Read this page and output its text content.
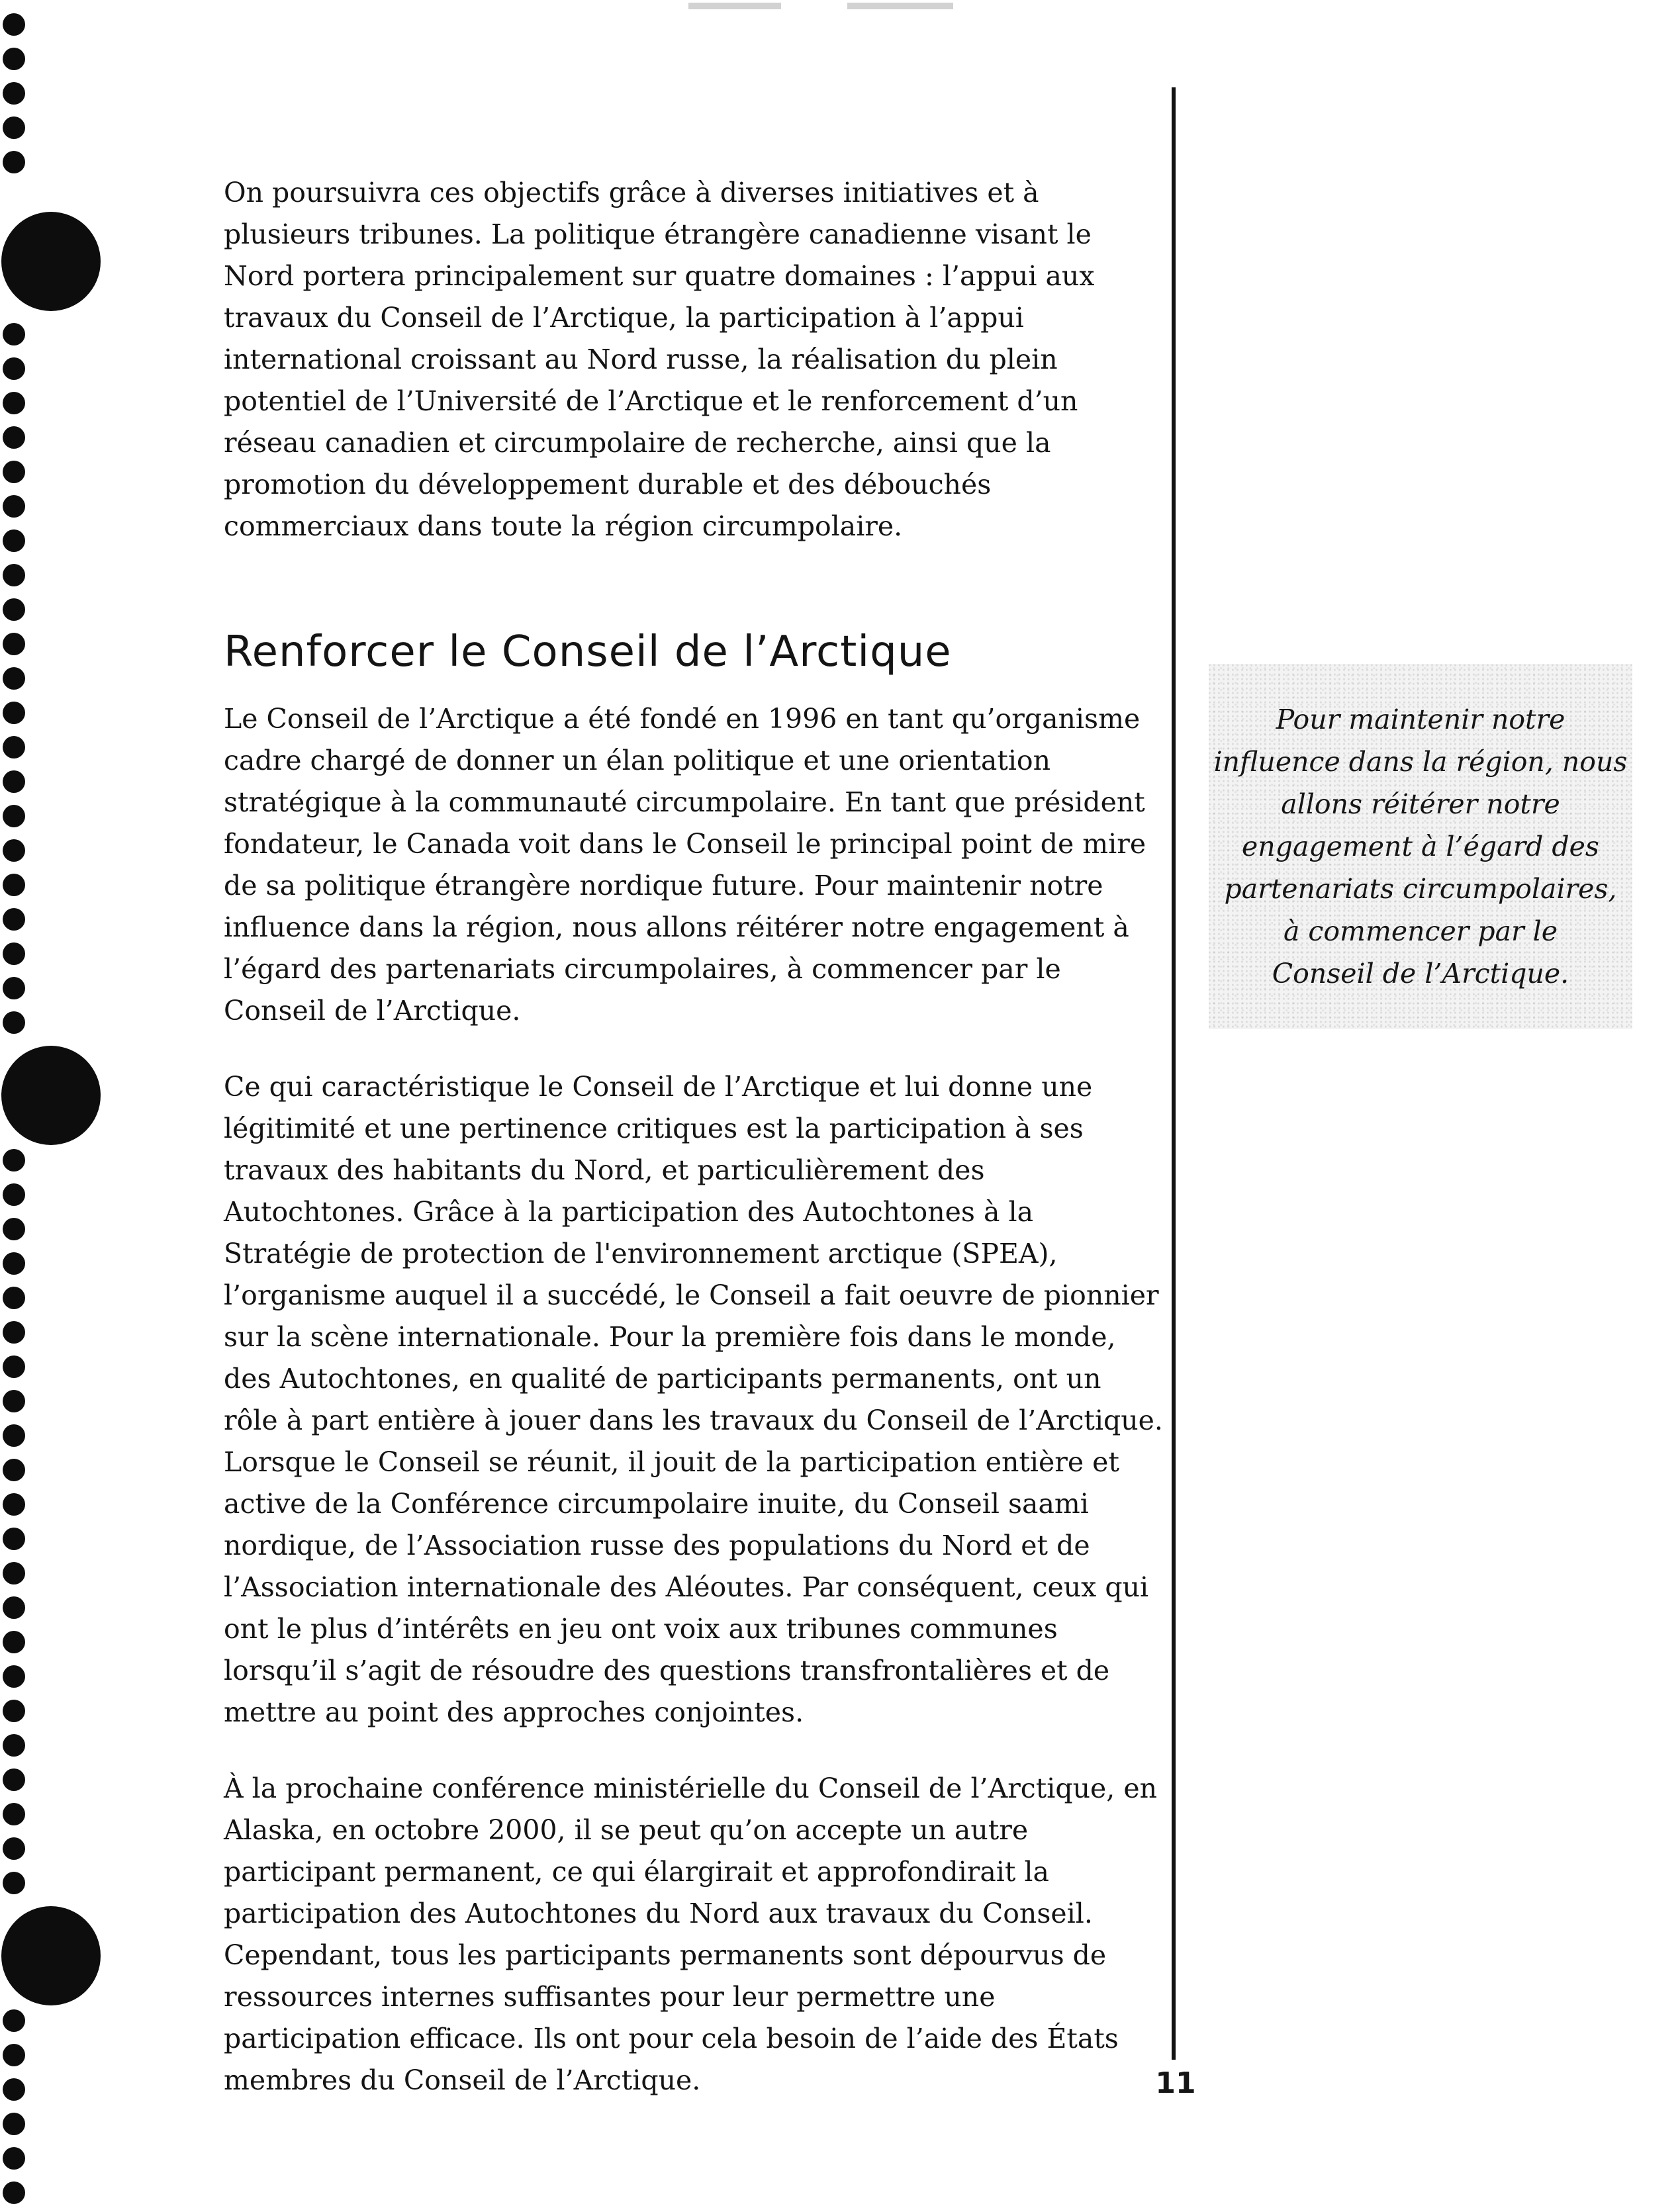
On poursuivra ces objectifs grâce à diverses initiatives et à plusieurs tribunes. La politique étrangère canadienne visant le Nord portera principalement sur quatre domaines : l’appui aux travaux du Conseil de l’Arctique, la participation à l’appui international croissant au Nord russe, la réalisation du plein potentiel de l’Université de l’Arctique et le renforcement d’un réseau canadien et circumpolaire de recherche, ainsi que la promotion du développement durable et des débouchés commerciaux dans toute la région circumpolaire.

Renforcer le Conseil de l’Arctique

Le Conseil de l’Arctique a été fondé en 1996 en tant qu’organisme cadre chargé de donner un élan politique et une orientation stratégique à la communauté circumpolaire. En tant que président fondateur, le Canada voit dans le Conseil le principal point de mire de sa politique étrangère nordique future. Pour maintenir notre influence dans la région, nous allons réitérer notre engagement à l’égard des partenariats circumpolaires, à commencer par le Conseil de l’Arctique.

Ce qui caractéristique le Conseil de l’Arctique et lui donne une légitimité et une pertinence critiques est la participation à ses travaux des habitants du Nord, et particulièrement des Autochtones. Grâce à la participation des Autochtones à la Stratégie de protection de l'environnement arctique (SPEA), l’organisme auquel il a succédé, le Conseil a fait oeuvre de pionnier sur la scène internationale. Pour la première fois dans le monde, des Autochtones, en qualité de participants permanents, ont un rôle à part entière à jouer dans les travaux du Conseil de l’Arctique. Lorsque le Conseil se réunit, il jouit de la participation entière et active de la Conférence circumpolaire inuite, du Conseil saami nordique, de l’Association russe des populations du Nord et de l’Association internationale des Aléoutes. Par conséquent, ceux qui ont le plus d’intérêts en jeu ont voix aux tribunes communes lorsqu’il s’agit de résoudre des questions transfrontalières et de mettre au point des approches conjointes.

À la prochaine conférence ministérielle du Conseil de l’Arctique, en Alaska, en octobre 2000, il se peut qu’on accepte un autre participant permanent, ce qui élargirait et approfondirait la participation des Autochtones du Nord aux travaux du Conseil. Cependant, tous les participants permanents sont dépourvus de ressources internes suffisantes pour leur permettre une participation efficace. Ils ont pour cela besoin de l’aide des États membres du Conseil de l’Arctique.

Pour maintenir notre
influence dans la région, nous
allons réitérer notre
engagement à l’égard des
partenariats circumpolaires,
à commencer par le
Conseil de l’Arctique.

11
